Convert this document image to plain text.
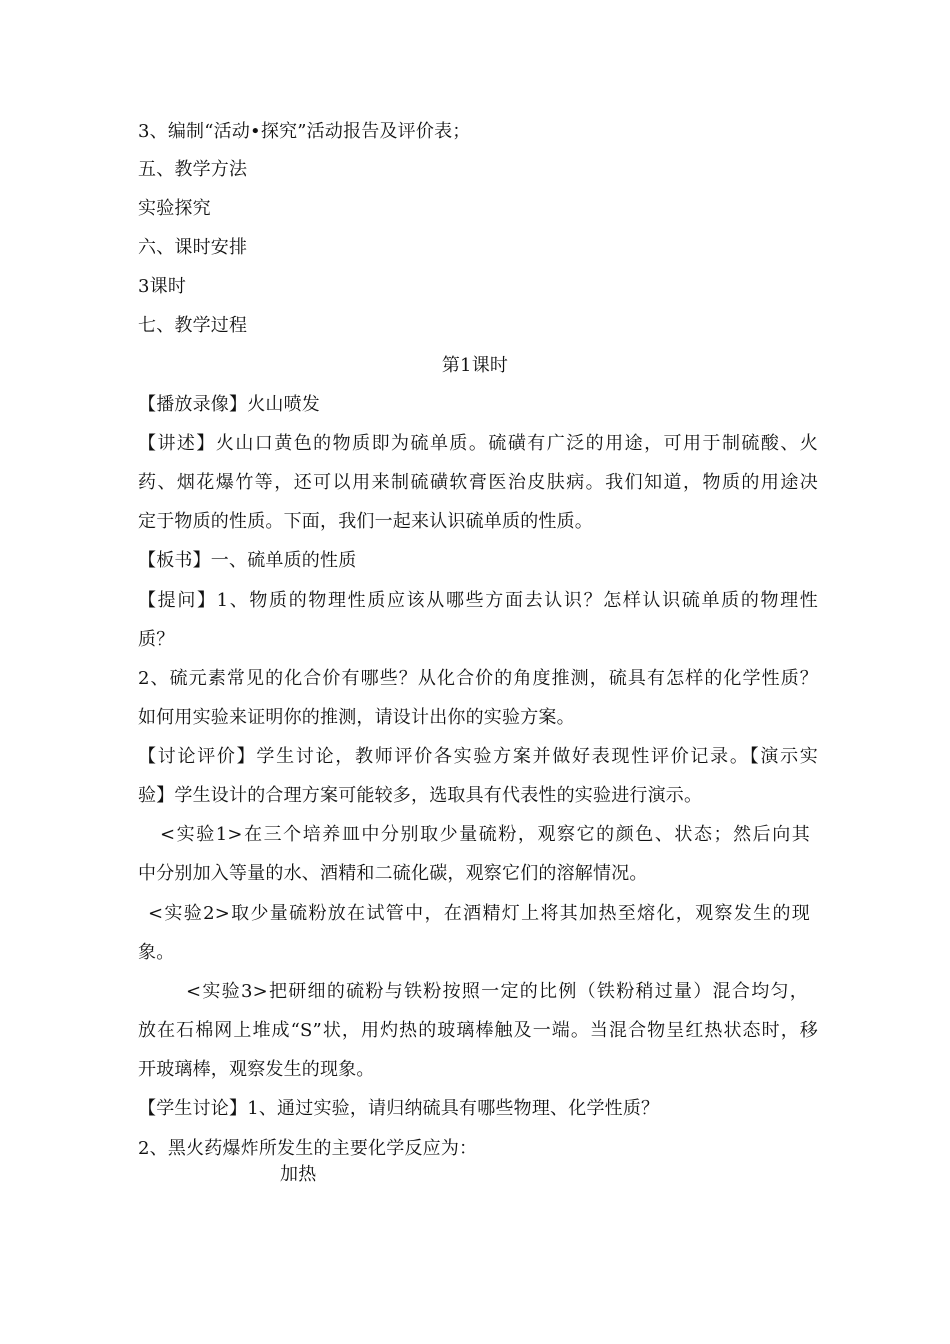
3、编制“活动•探究”活动报告及评价表；
五、教学方法
实验探究
六、课时安排
3课时
七、教学过程
第1课时
【播放录像】火山喷发
【讲述】火山口黄色的物质即为硫单质。硫磺有广泛的用途，可用于制硫酸、火
药、烟花爆竹等，还可以用来制硫磺软膏医治皮肤病。我们知道，物质的用途决
定于物质的性质。下面，我们一起来认识硫单质的性质。
【板书】一、硫单质的性质
【提问】1、物质的物理性质应该从哪些方面去认识？怎样认识硫单质的物理性
质？
2、硫元素常见的化合价有哪些？从化合价的角度推测，硫具有怎样的化学性质？
如何用实验来证明你的推测，请设计出你的实验方案。
【讨论评价】学生讨论，教师评价各实验方案并做好表现性评价记录。【演示实
验】学生设计的合理方案可能较多，选取具有代表性的实验进行演示。
<实验1>在三个培养皿中分别取少量硫粉，观察它的颜色、状态；然后向其
中分别加入等量的水、酒精和二硫化碳，观察它们的溶解情况。
<实验2>取少量硫粉放在试管中，在酒精灯上将其加热至熔化，观察发生的现
象。
<实验3>把研细的硫粉与铁粉按照一定的比例（铁粉稍过量）混合均匀，
放在石棉网上堆成“S”状，用灼热的玻璃棒触及一端。当混合物呈红热状态时，移
开玻璃棒，观察发生的现象。
【学生讨论】1、通过实验，请归纳硫具有哪些物理、化学性质？
2、黑火药爆炸所发生的主要化学反应为：
加热
